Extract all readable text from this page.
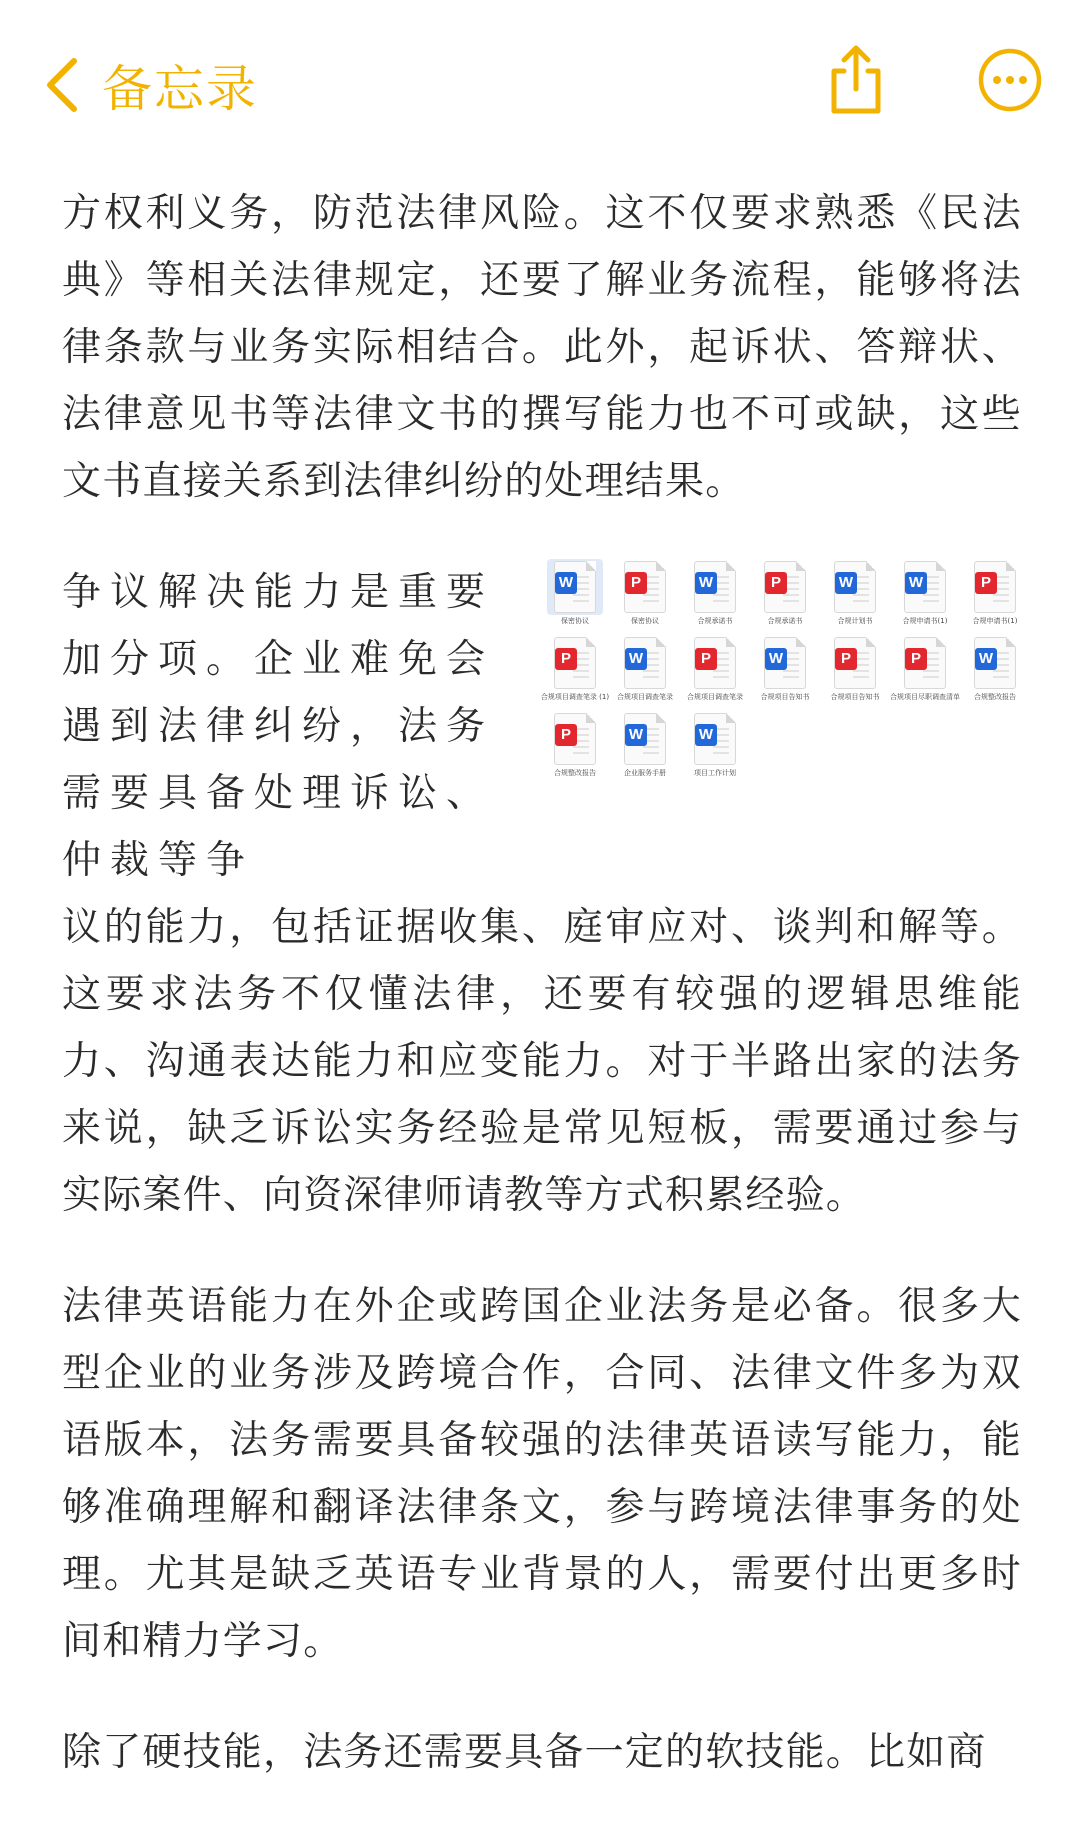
备忘录

方权利义务，防范法律风险。这不仅要求熟悉《民法典》等相关法律规定，还要了解业务流程，能够将法律条款与业务实际相结合。此外，起诉状、答辩状、法律意见书等法律文书的撰写能力也不可或缺，这些文书直接关系到法律纠纷的处理结果。

争议解决能力是重要加分项。企业难免会遇到法律纠纷，法务需要具备处理诉讼、仲裁等争

W
保密协议
P
保密协议
W
合规承诺书
P
合规承诺书
W
合规计划书
W
合规申请书(1)
P
合规申请书(1)
P
合规项目调查笔录 (1)
W
合规项目调查笔录
P
合规项目调查笔录
W
合规项目告知书
P
合规项目告知书
P
合规项目尽职调查清单
W
合规整改报告
P
合规整改报告
W
企业服务手册
W
项目工作计划

议的能力，包括证据收集、庭审应对、谈判和解等。这要求法务不仅懂法律，还要有较强的逻辑思维能力、沟通表达能力和应变能力。对于半路出家的法务来说，缺乏诉讼实务经验是常见短板，需要通过参与实际案件、向资深律师请教等方式积累经验。

法律英语能力在外企或跨国企业法务是必备。很多大型企业的业务涉及跨境合作，合同、法律文件多为双语版本，法务需要具备较强的法律英语读写能力，能够准确理解和翻译法律条文，参与跨境法律事务的处理。尤其是缺乏英语专业背景的人，需要付出更多时间和精力学习。

除了硬技能，法务还需要具备一定的软技能。比如商
